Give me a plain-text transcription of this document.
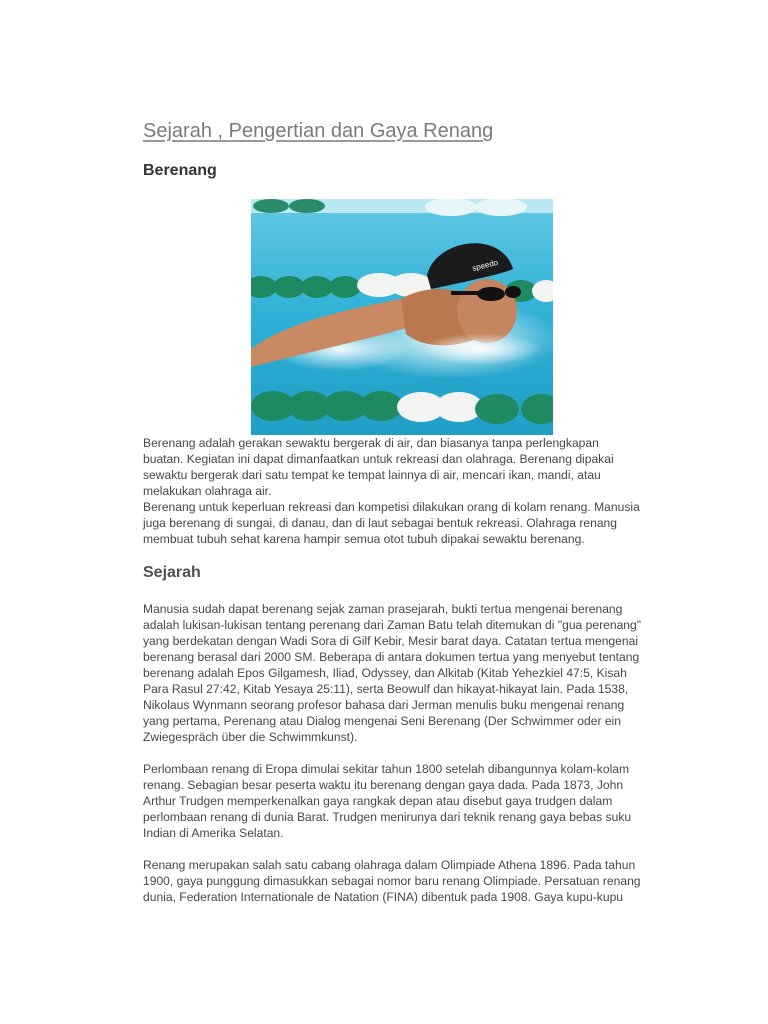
Sejarah , Pengertian dan Gaya Renang
Berenang
speedo
Berenang adalah gerakan sewaktu bergerak di air, dan biasanya tanpa perlengkapan
buatan. Kegiatan ini dapat dimanfaatkan untuk rekreasi dan olahraga. Berenang dipakai
sewaktu bergerak dari satu tempat ke tempat lainnya di air, mencari ikan, mandi, atau
melakukan olahraga air.
Berenang untuk keperluan rekreasi dan kompetisi dilakukan orang di kolam renang. Manusia
juga berenang di sungai, di danau, dan di laut sebagai bentuk rekreasi. Olahraga renang
membuat tubuh sehat karena hampir semua otot tubuh dipakai sewaktu berenang.
Sejarah
Manusia sudah dapat berenang sejak zaman prasejarah, bukti tertua mengenai berenang
adalah lukisan-lukisan tentang perenang dari Zaman Batu telah ditemukan di "gua perenang"
yang berdekatan dengan Wadi Sora di Gilf Kebir, Mesir barat daya. Catatan tertua mengenai
berenang berasal dari 2000 SM. Beberapa di antara dokumen tertua yang menyebut tentang
berenang adalah Epos Gilgamesh, Iliad, Odyssey, dan Alkitab (Kitab Yehezkiel 47:5, Kisah
Para Rasul 27:42, Kitab Yesaya 25:11), serta Beowulf dan hikayat-hikayat lain. Pada 1538,
Nikolaus Wynmann seorang profesor bahasa dari Jerman menulis buku mengenai renang
yang pertama, Perenang atau Dialog mengenai Seni Berenang (Der Schwimmer oder ein
Zwiegespräch über die Schwimmkunst).
Perlombaan renang di Eropa dimulai sekitar tahun 1800 setelah dibangunnya kolam-kolam
renang. Sebagian besar peserta waktu itu berenang dengan gaya dada. Pada 1873, John
Arthur Trudgen memperkenalkan gaya rangkak depan atau disebut gaya trudgen dalam
perlombaan renang di dunia Barat. Trudgen menirunya dari teknik renang gaya bebas suku
Indian di Amerika Selatan.
Renang merupakan salah satu cabang olahraga dalam Olimpiade Athena 1896. Pada tahun
1900, gaya punggung dimasukkan sebagai nomor baru renang Olimpiade. Persatuan renang
dunia, Federation Internationale de Natation (FINA) dibentuk pada 1908. Gaya kupu-kupu
